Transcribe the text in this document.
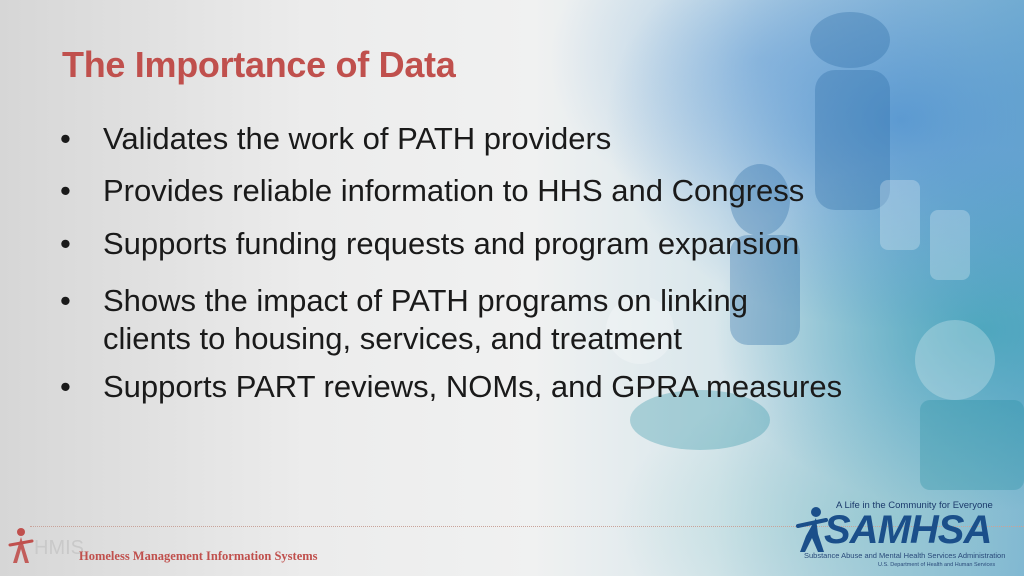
The Importance of Data
• Validates the work of PATH providers
• Provides reliable information to HHS and Congress
• Supports funding requests and program expansion
• Shows the impact of PATH programs on linking
clients to housing, services, and treatment
• Supports PART reviews, NOMs, and GPRA measures
HMIS
Homeless Management Information Systems
A Life in the Community for Everyone
SAMHSA
Substance Abuse and Mental Health Services Administration
U.S. Department of Health and Human Services
